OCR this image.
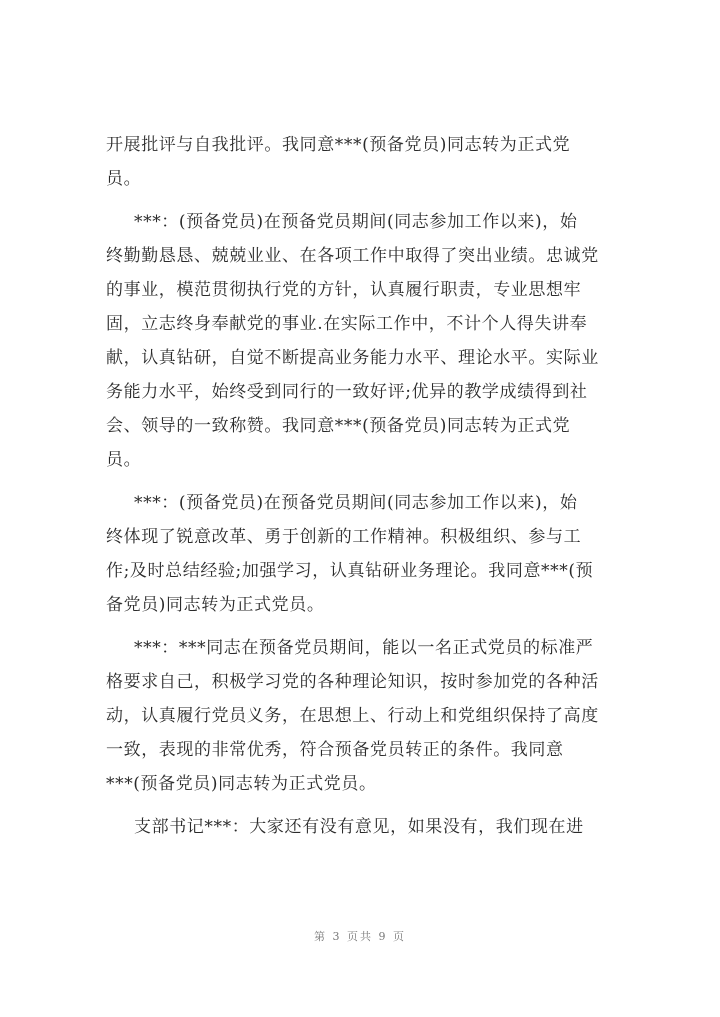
开展批评与自我批评。我同意***(预备党员)同志转为正式党
员。
***：(预备党员)在预备党员期间(同志参加工作以来)，始
终勤勤恳恳、兢兢业业、在各项工作中取得了突出业绩。忠诚党
的事业，模范贯彻执行党的方针，认真履行职责，专业思想牢
固，立志终身奉献党的事业.在实际工作中，不计个人得失讲奉
献，认真钻研，自觉不断提高业务能力水平、理论水平。实际业
务能力水平，始终受到同行的一致好评;优异的教学成绩得到社
会、领导的一致称赞。我同意***(预备党员)同志转为正式党
员。
***：(预备党员)在预备党员期间(同志参加工作以来)，始
终体现了锐意改革、勇于创新的工作精神。积极组织、参与工
作;及时总结经验;加强学习，认真钻研业务理论。我同意***(预
备党员)同志转为正式党员。
***：***同志在预备党员期间，能以一名正式党员的标准严
格要求自己，积极学习党的各种理论知识，按时参加党的各种活
动，认真履行党员义务，在思想上、行动上和党组织保持了高度
一致，表现的非常优秀，符合预备党员转正的条件。我同意
***(预备党员)同志转为正式党员。
支部书记***：大家还有没有意见，如果没有，我们现在进
第 3 页共 9 页
